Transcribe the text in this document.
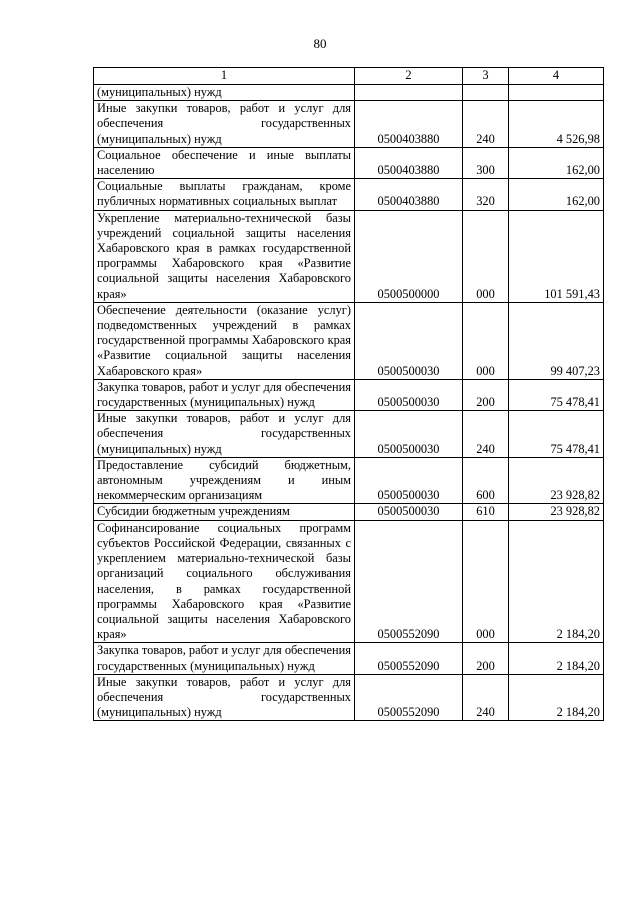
80
1	2	3	4
(муниципальных) нужд			
Иные закупки товаров, работ и услуг для обеспечения государственных (муниципальных) нужд	0500403880	240	4 526,98
Социальное обеспечение и иные выплаты населению	0500403880	300	162,00
Социальные выплаты гражданам, кроме публичных нормативных социальных выплат	0500403880	320	162,00
Укрепление материально-технической базы учреждений социальной защиты населения Хабаровского края в рамках государственной программы Хабаровского края «Развитие социальной защиты населения Хабаровского края»	0500500000	000	101 591,43
Обеспечение деятельности (оказание услуг) подведомственных учреждений в рамках государственной программы Хабаровского края «Развитие социальной защиты населения Хабаровского края»	0500500030	000	99 407,23
Закупка товаров, работ и услуг для обеспечения государственных (муниципальных) нужд	0500500030	200	75 478,41
Иные закупки товаров, работ и услуг для обеспечения государственных (муниципальных) нужд	0500500030	240	75 478,41
Предоставление субсидий бюджетным, автономным учреждениям и иным некоммерческим организациям	0500500030	600	23 928,82
Субсидии бюджетным учреждениям	0500500030	610	23 928,82
Софинансирование социальных программ субъектов Российской Федерации, связанных с укреплением материально-технической базы организаций социального обслуживания населения, в рамках государственной программы Хабаровского края «Развитие социальной защиты населения Хабаровского края»	0500552090	000	2 184,20
Закупка товаров, работ и услуг для обеспечения государственных (муниципальных) нужд	0500552090	200	2 184,20
Иные закупки товаров, работ и услуг для обеспечения государственных (муниципальных) нужд	0500552090	240	2 184,20
